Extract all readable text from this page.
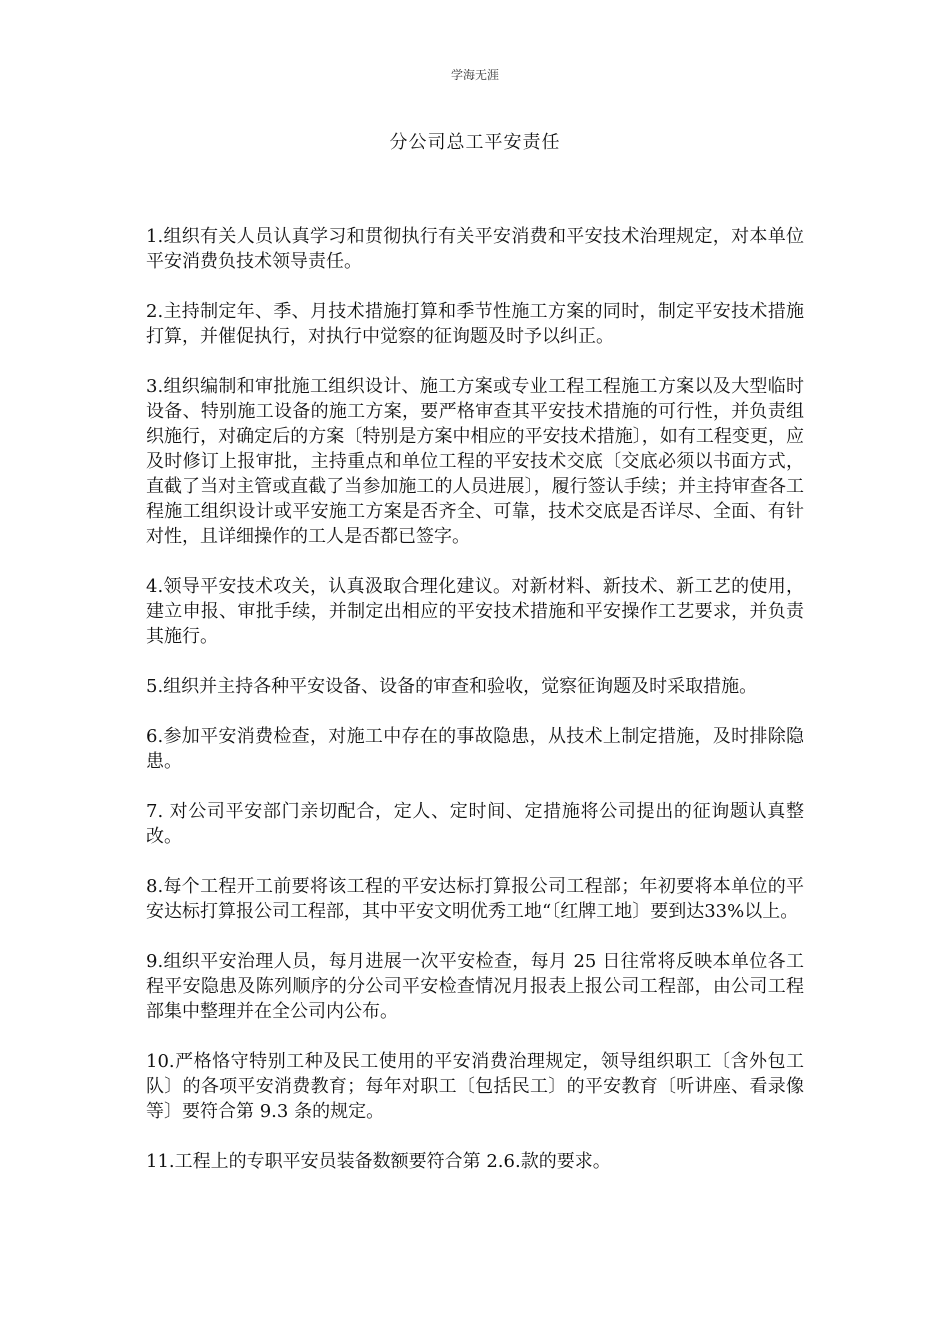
学海无涯
分公司总工平安责任

1.组织有关人员认真学习和贯彻执行有关平安消费和平安技术治理规定，对本单位平安消费负技术领导责任。

2.主持制定年、季、月技术措施打算和季节性施工方案的同时，制定平安技术措施打算，并催促执行，对执行中觉察的征询题及时予以纠正。

3.组织编制和审批施工组织设计、施工方案或专业工程工程施工方案以及大型临时设备、特别施工设备的施工方案，要严格审查其平安技术措施的可行性，并负责组织施行，对确定后的方案〔特别是方案中相应的平安技术措施〕，如有工程变更，应及时修订上报审批，主持重点和单位工程的平安技术交底〔交底必须以书面方式，直截了当对主管或直截了当参加施工的人员进展〕，履行签认手续；并主持审查各工程施工组织设计或平安施工方案是否齐全、可靠，技术交底是否详尽、全面、有针对性，且详细操作的工人是否都已签字。

4.领导平安技术攻关，认真汲取合理化建议。对新材料、新技术、新工艺的使用，建立申报、审批手续，并制定出相应的平安技术措施和平安操作工艺要求，并负责其施行。

5.组织并主持各种平安设备、设备的审查和验收，觉察征询题及时采取措施。

6.参加平安消费检查，对施工中存在的事故隐患，从技术上制定措施，及时排除隐患。

7. 对公司平安部门亲切配合，定人、定时间、定措施将公司提出的征询题认真整改。

8.每个工程开工前要将该工程的平安达标打算报公司工程部；年初要将本单位的平安达标打算报公司工程部，其中平安文明优秀工地“〔红牌工地〕要到达33%以上。

9.组织平安治理人员，每月进展一次平安检查，每月 25 日往常将反映本单位各工程平安隐患及陈列顺序的分公司平安检查情况月报表上报公司工程部，由公司工程部集中整理并在全公司内公布。

10.严格恪守特别工种及民工使用的平安消费治理规定，领导组织职工〔含外包工队〕的各项平安消费教育；每年对职工〔包括民工〕的平安教育〔听讲座、看录像等〕要符合第 9.3 条的规定。

11.工程上的专职平安员装备数额要符合第 2.6.款的要求。
